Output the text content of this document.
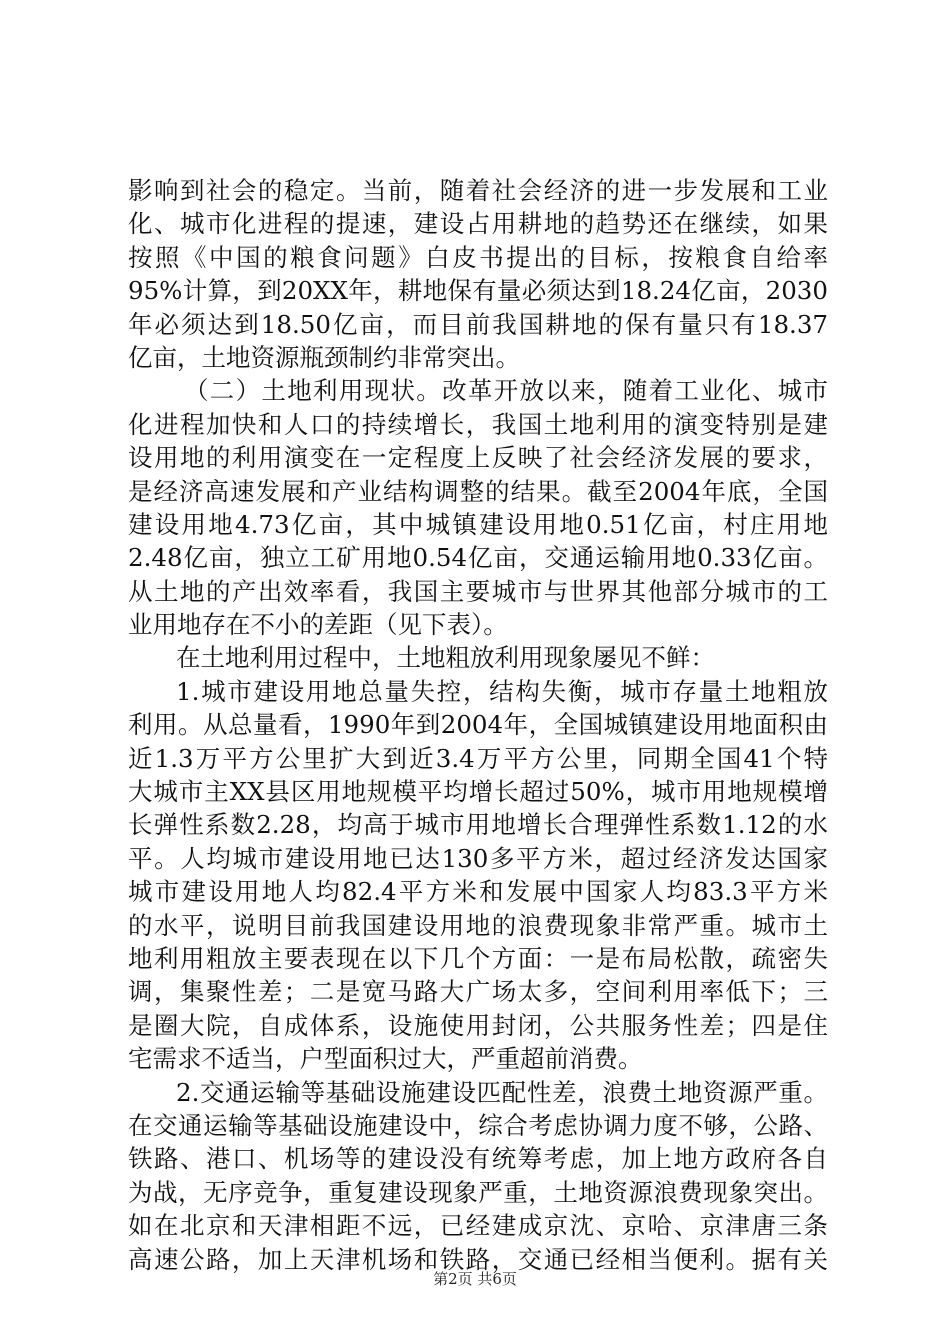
影响到社会的稳定。当前，随着社会经济的进一步发展和工业
化、城市化进程的提速，建设占用耕地的趋势还在继续，如果
按照《中国的粮食问题》白皮书提出的目标，按粮食自给率
95%计算，到20XX年，耕地保有量必须达到18.24亿亩，2030
年必须达到18.50亿亩，而目前我国耕地的保有量只有18.37
亿亩，土地资源瓶颈制约非常突出。
（二）土地利用现状。改革开放以来，随着工业化、城市
化进程加快和人口的持续增长，我国土地利用的演变特别是建
设用地的利用演变在一定程度上反映了社会经济发展的要求，
是经济高速发展和产业结构调整的结果。截至2004年底，全国
建设用地4.73亿亩，其中城镇建设用地0.51亿亩，村庄用地
2.48亿亩，独立工矿用地0.54亿亩，交通运输用地0.33亿亩。
从土地的产出效率看，我国主要城市与世界其他部分城市的工
业用地存在不小的差距（见下表）。
在土地利用过程中，土地粗放利用现象屡见不鲜：
1.城市建设用地总量失控，结构失衡，城市存量土地粗放
利用。从总量看，1990年到2004年，全国城镇建设用地面积由
近1.3万平方公里扩大到近3.4万平方公里，同期全国41个特
大城市主XX县区用地规模平均增长超过50%，城市用地规模增
长弹性系数2.28，均高于城市用地增长合理弹性系数1.12的水
平。人均城市建设用地已达130多平方米，超过经济发达国家
城市建设用地人均82.4平方米和发展中国家人均83.3平方米
的水平，说明目前我国建设用地的浪费现象非常严重。城市土
地利用粗放主要表现在以下几个方面：一是布局松散，疏密失
调，集聚性差；二是宽马路大广场太多，空间利用率低下；三
是圈大院，自成体系，设施使用封闭，公共服务性差；四是住
宅需求不适当，户型面积过大，严重超前消费。
2.交通运输等基础设施建设匹配性差，浪费土地资源严重。
在交通运输等基础设施建设中，综合考虑协调力度不够，公路、
铁路、港口、机场等的建设没有统筹考虑，加上地方政府各自
为战，无序竞争，重复建设现象严重，土地资源浪费现象突出。
如在北京和天津相距不远，已经建成京沈、京哈、京津唐三条
高速公路，加上天津机场和铁路，交通已经相当便利。据有关
第2页 共6页
